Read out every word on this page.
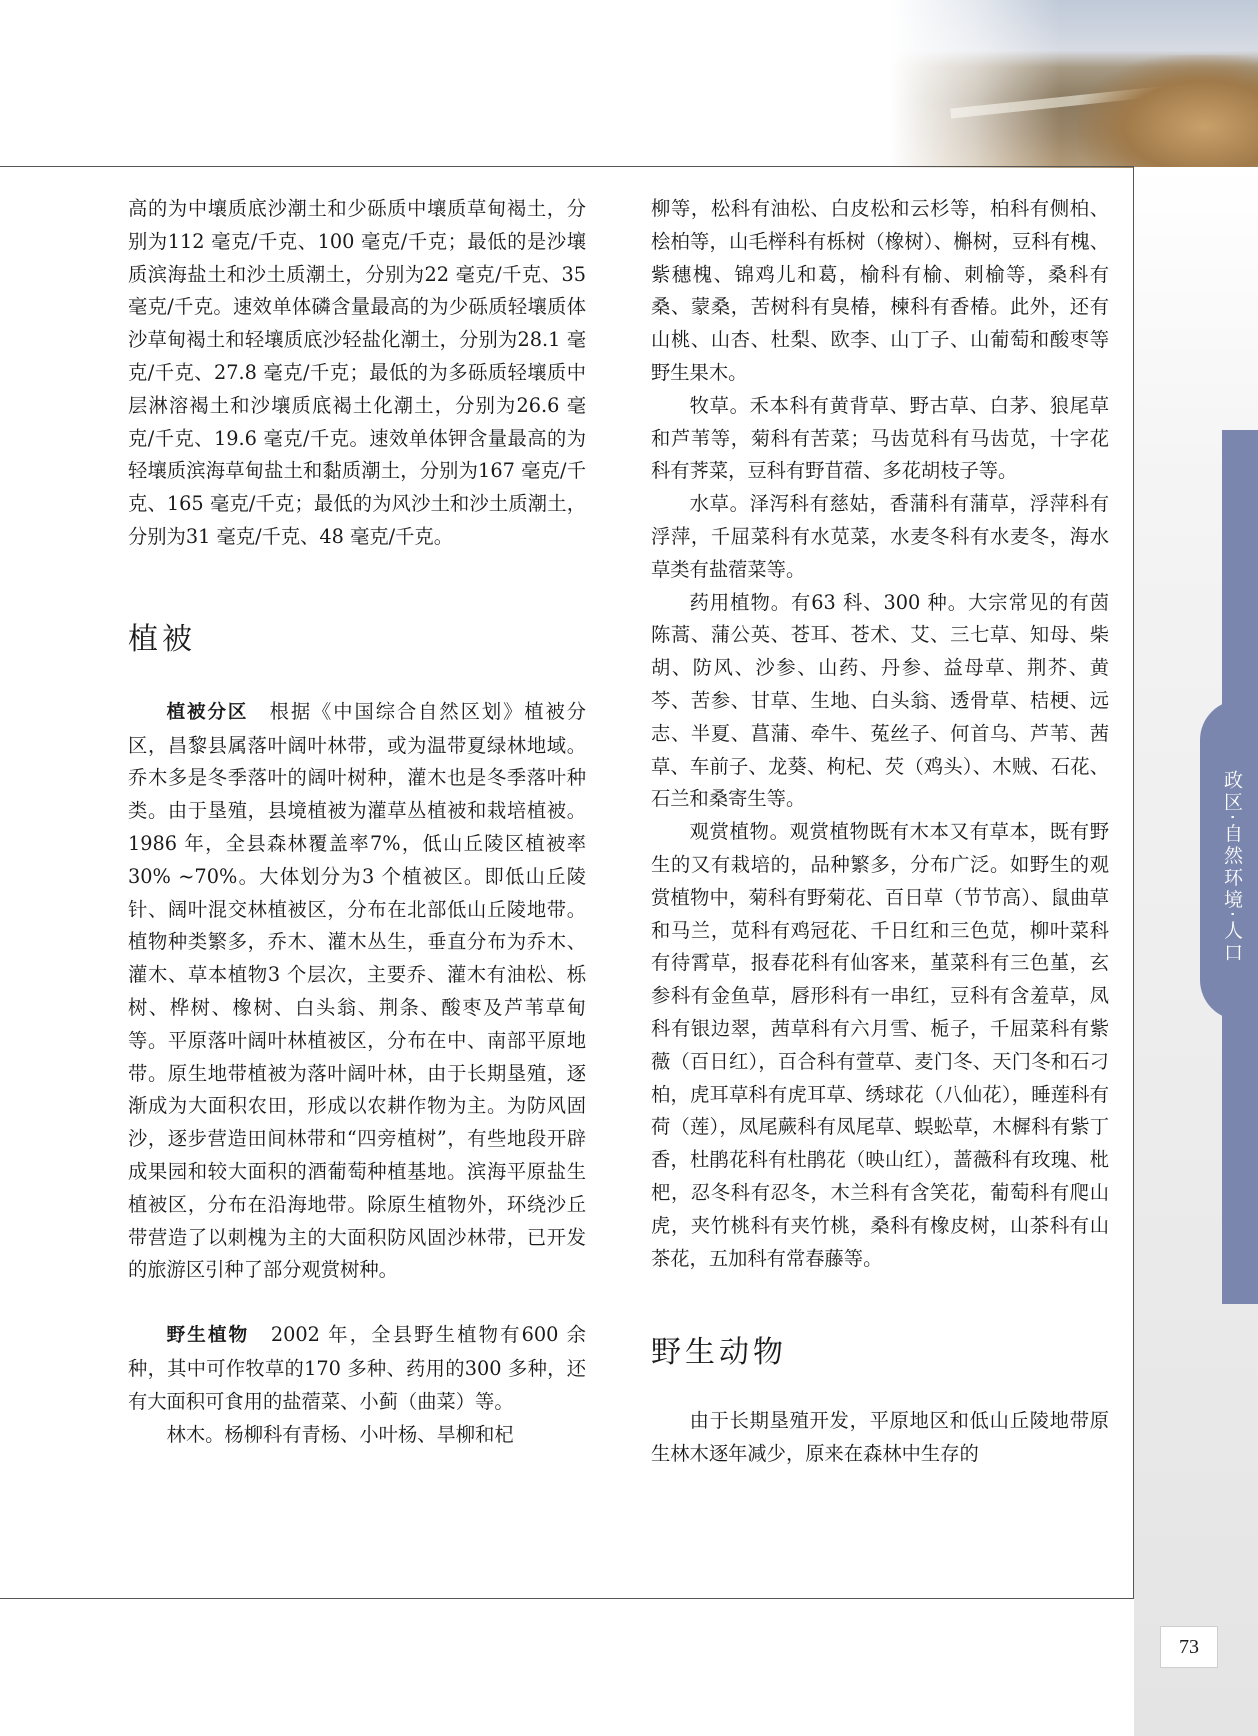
政区·自然环境·人口

高的为中壤质底沙潮土和少砾质中壤质草甸褐土，分别为112 毫克/千克、100 毫克/千克；最低的是沙壤质滨海盐土和沙土质潮土，分别为22 毫克/千克、35 毫克/千克。速效单体磷含量最高的为少砾质轻壤质体沙草甸褐土和轻壤质底沙轻盐化潮土，分别为28.1 毫克/千克、27.8 毫克/千克；最低的为多砾质轻壤质中层淋溶褐土和沙壤质底褐土化潮土，分别为26.6 毫克/千克、19.6 毫克/千克。速效单体钾含量最高的为轻壤质滨海草甸盐土和黏质潮土，分别为167 毫克/千克、165 毫克/千克；最低的为风沙土和沙土质潮土，分别为31 毫克/千克、48 毫克/千克。

植被

植被分区　 根据《中国综合自然区划》植被分区，昌黎县属落叶阔叶林带，或为温带夏绿林地域。乔木多是冬季落叶的阔叶树种，灌木也是冬季落叶种类。由于垦殖，县境植被为灌草丛植被和栽培植被。1986 年，全县森林覆盖率7%，低山丘陵区植被率30% ~70%。大体划分为3 个植被区。即低山丘陵针、阔叶混交林植被区，分布在北部低山丘陵地带。植物种类繁多，乔木、灌木丛生，垂直分布为乔木、灌木、草本植物3 个层次，主要乔、灌木有油松、栎树、桦树、橡树、白头翁、荆条、酸枣及芦苇草甸等。平原落叶阔叶林植被区，分布在中、南部平原地带。原生地带植被为落叶阔叶林，由于长期垦殖，逐渐成为大面积农田，形成以农耕作物为主。为防风固沙，逐步营造田间林带和“四旁植树”，有些地段开辟成果园和较大面积的酒葡萄种植基地。滨海平原盐生植被区，分布在沿海地带。除原生植物外，环绕沙丘带营造了以刺槐为主的大面积防风固沙林带，已开发的旅游区引种了部分观赏树种。

野生植物　 2002 年，全县野生植物有600 余种，其中可作牧草的170 多种、药用的300 多种，还有大面积可食用的盐蓿菜、小蓟（曲菜）等。

林木。杨柳科有青杨、小叶杨、旱柳和杞

柳等，松科有油松、白皮松和云杉等，柏科有侧柏、桧柏等，山毛榉科有栎树（橡树）、槲树，豆科有槐、紫穗槐、锦鸡儿和葛，榆科有榆、刺榆等，桑科有桑、蒙桑，苦树科有臭椿，楝科有香椿。此外，还有山桃、山杏、杜梨、欧李、山丁子、山葡萄和酸枣等野生果木。

牧草。禾本科有黄背草、野古草、白茅、狼尾草和芦苇等，菊科有苦菜；马齿苋科有马齿苋，十字花科有荠菜，豆科有野苜蓿、多花胡枝子等。

水草。泽泻科有慈姑，香蒲科有蒲草，浮萍科有浮萍，千屈菜科有水苋菜，水麦冬科有水麦冬，海水草类有盐蓿菜等。

药用植物。有63 科、300 种。大宗常见的有茵陈蒿、蒲公英、苍耳、苍术、艾、三七草、知母、柴胡、防风、沙参、山药、丹参、益母草、荆芥、黄芩、苦参、甘草、生地、白头翁、透骨草、桔梗、远志、半夏、菖蒲、牵牛、菟丝子、何首乌、芦苇、茜草、车前子、龙葵、枸杞、芡（鸡头）、木贼、石花、石兰和桑寄生等。

观赏植物。观赏植物既有木本又有草本，既有野生的又有栽培的，品种繁多，分布广泛。如野生的观赏植物中，菊科有野菊花、百日草（节节高）、鼠曲草和马兰，苋科有鸡冠花、千日红和三色苋，柳叶菜科有待霄草，报春花科有仙客来，堇菜科有三色堇，玄参科有金鱼草，唇形科有一串红，豆科有含羞草，凤科有银边翠，茜草科有六月雪、栀子，千屈菜科有紫薇（百日红），百合科有萱草、麦门冬、天门冬和石刁柏，虎耳草科有虎耳草、绣球花（八仙花），睡莲科有荷（莲），凤尾蕨科有凤尾草、蜈蚣草，木樨科有紫丁香，杜鹃花科有杜鹃花（映山红），蔷薇科有玫瑰、枇杷，忍冬科有忍冬，木兰科有含笑花，葡萄科有爬山虎，夹竹桃科有夹竹桃，桑科有橡皮树，山茶科有山茶花，五加科有常春藤等。

野生动物

由于长期垦殖开发，平原地区和低山丘陵地带原生林木逐年减少，原来在森林中生存的

73
